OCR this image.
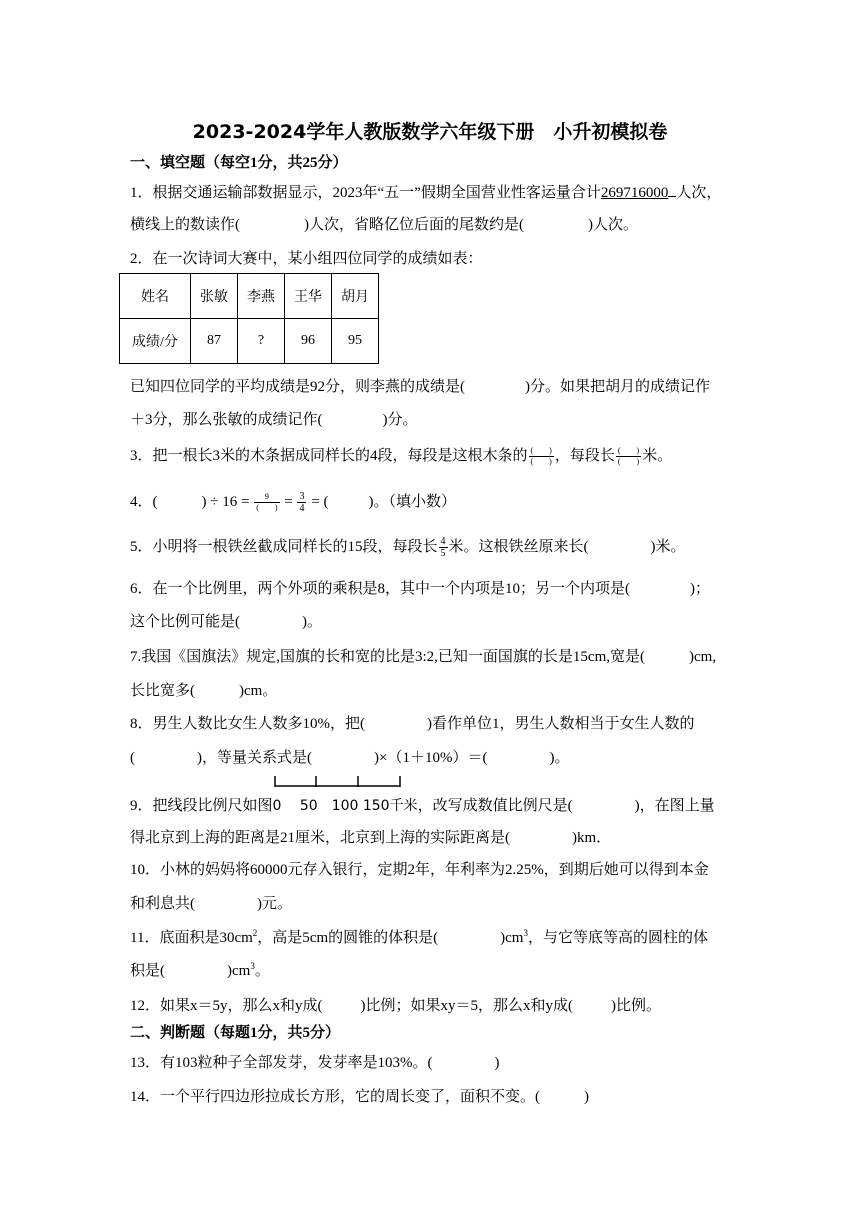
2023-2024学年人教版数学六年级下册　小升初模拟卷
一、填空题（每空1分，共25分）
1．根据交通运输部数据显示，2023年“五一”假期全国营业性客运量合计269716000 人次，
横线上的数读作(	)人次，省略亿位后面的尾数约是(	)人次。
2．在一次诗词大赛中，某小组四位同学的成绩如表：
姓名	张敏	李燕	王华	胡月
成绩/分	87	?	96	95
已知四位同学的平均成绩是92分，则李燕的成绩是(	)分。如果把胡月的成绩记作
＋3分，那么张敏的成绩记作(	)分。
3．把一根长3米的木条据成同样长的4段，每段是这根木条的 $\frac{( )}{( )}$ ，每段长 $\frac{( )}{( )}$ 米。
4．(	) ÷ $16 = \frac{9}{( )} = \frac{3}{4}$ = (	)。（填小数）
5．小明将一根铁丝截成同样长的15段，每段长 $\frac{4}{5}$ 米。这根铁丝原来长(	)米。
6．在一个比例里，两个外项的乘积是8，其中一个内项是10；另一个内项是(	)；
这个比例可能是(	)。
7.我国《国旗法》规定,国旗的长和宽的比是3:2,已知一面国旗的长是15cm,宽是(	)cm,
长比宽多(	)cm。
8．男生人数比女生人数多10%，把(	)看作单位1，男生人数相当于女生人数的
(	)，等量关系式是(	)×（1＋10%）＝(	)。
9．把线段比例尺如图0　 50　100 150千米，改写成数值比例尺是(	)，在图上量
得北京到上海的距离是21厘米，北京到上海的实际距离是(	)km．
10．小林的妈妈将60000元存入银行，定期2年，年利率为2.25%，到期后她可以得到本金
和利息共(	)元。
11．底面积是$30cm^2$，高是5cm的圆锥的体积是(	)$cm^3$，与它等底等高的圆柱的体
积是(	)$cm^3$。
12．如果x＝5y，那么x和y成(	)比例；如果xy＝5，那么x和y成(	)比例。
二、判断题（每题1分，共5分）
13．有103粒种子全部发芽，发芽率是103%。(	)
14．一个平行四边形拉成长方形，它的周长变了，面积不变。(	)
